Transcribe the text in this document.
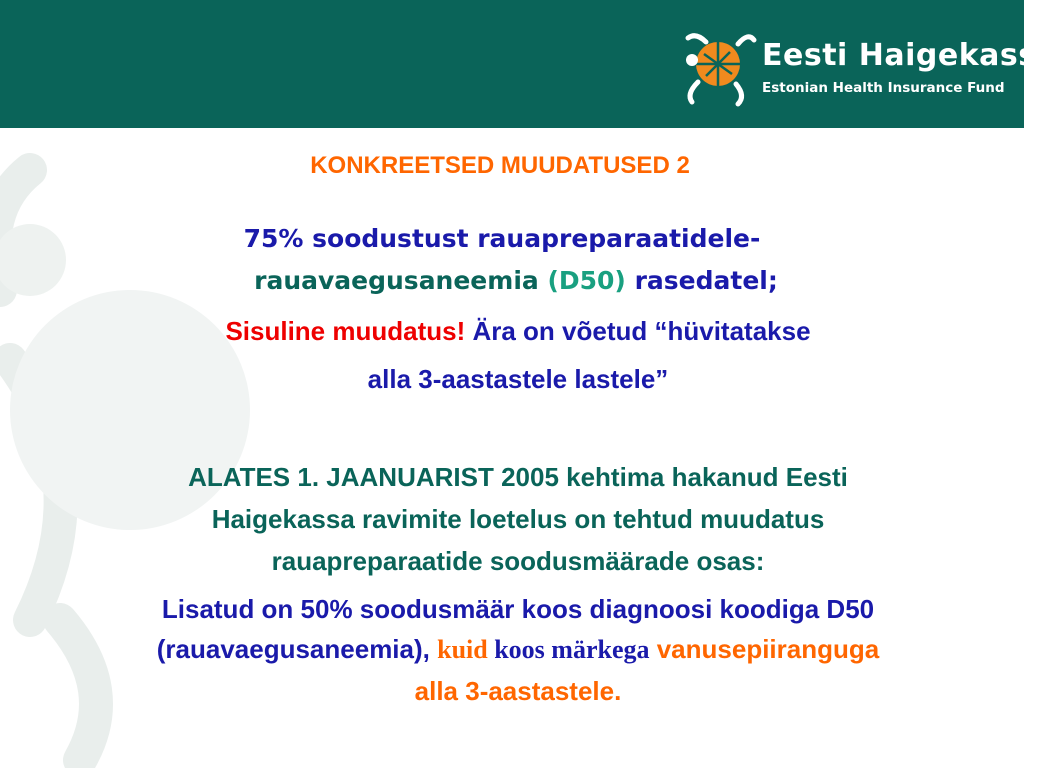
Eesti Haigekassa
Estonian Health Insurance Fund
KONKREETSED MUUDATUSED 2
75% soodustust rauapreparaatidele-
rauavaegusaneemia (D50) rasedatel;
Sisuline muudatus! Ära on võetud “hüvitatakse
alla 3-aastastele lastele”
ALATES 1. JAANUARIST 2005 kehtima hakanud Eesti
Haigekassa ravimite loetelus on tehtud muudatus
rauapreparaatide soodusmäärade osas:
Lisatud on 50% soodusmäär koos diagnoosi koodiga D50
(rauavaegusaneemia), kuid koos märkega vanusepiiranguga
alla 3-aastastele.
